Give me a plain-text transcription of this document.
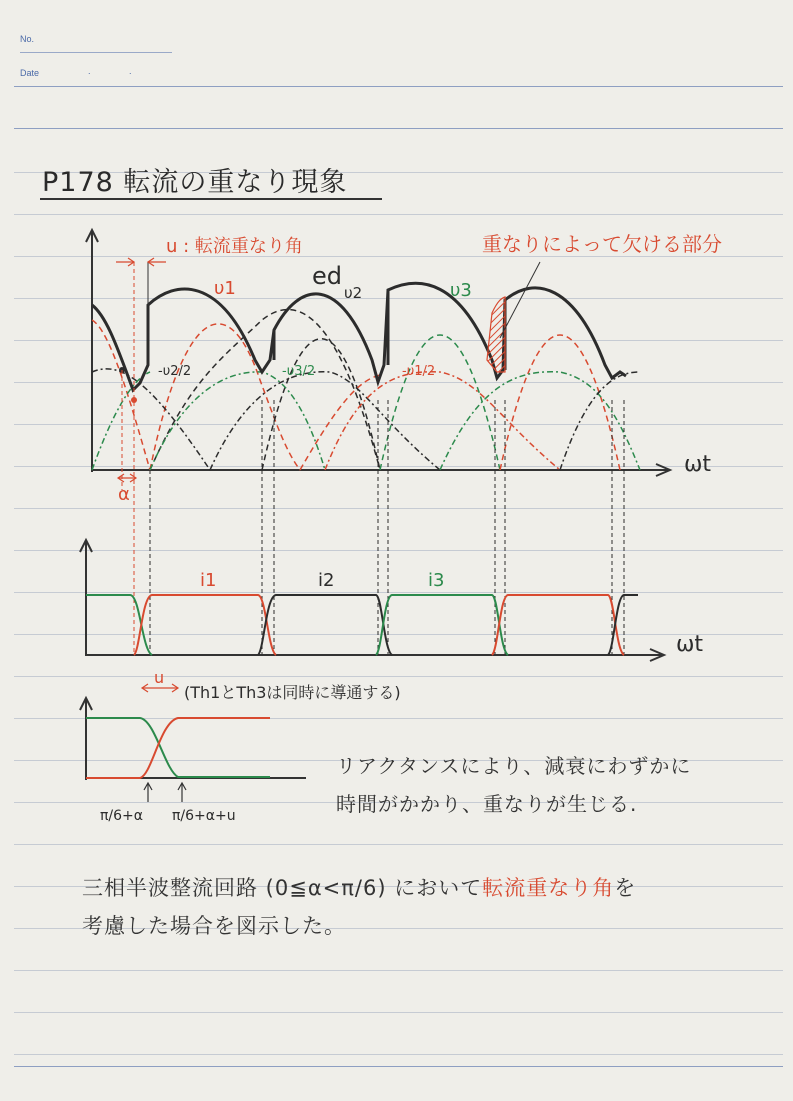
No.
Date	. .
P178 転流の重なり現象
u : 転流重なり角	重なりによって欠ける部分
ed
υ2
υ1	υ3
-υ2/2	-υ3/2	-υ1/2
α
ωt
i1	i2	i3
ωt
u
(Th1とTh3は同時に導通する)
π/6+α π/6+α+u
リアクタンスにより、減衰にわずかに
時間がかかり、重なりが生じる.
三相半波整流回路 (0≦α<π/6) において転流重なり角を
考慮した場合を図示した。
